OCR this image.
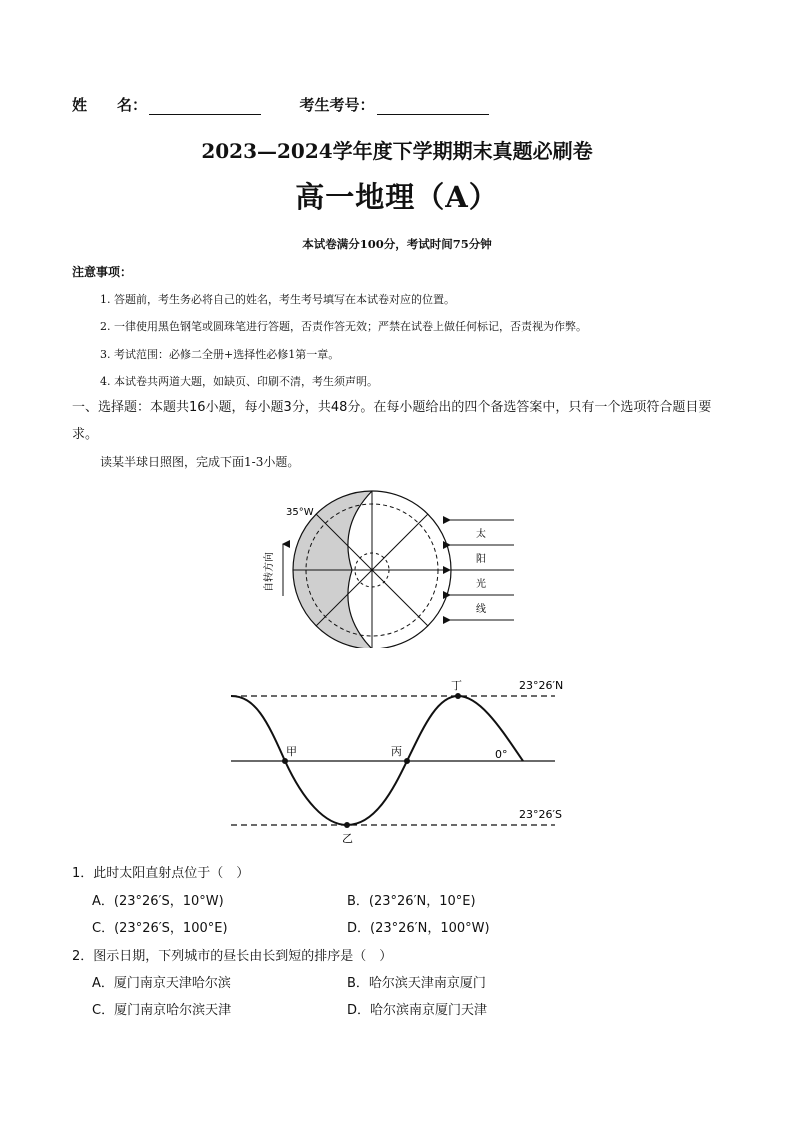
姓　　名：	考生考号：
2023—2024学年度下学期期末真题必刷卷
高一地理（A）
本试卷满分100分，考试时间75分钟
注意事项：
1. 答题前，考生务必将自己的姓名，考生考号填写在本试卷对应的位置。
2. 一律使用黑色钢笔或圆珠笔进行答题，否责作答无效；严禁在试卷上做任何标记，否责视为作弊。
3. 考试范围：必修二全册+选择性必修1第一章。
4. 本试卷共两道大题，如缺页、印刷不清，考生须声明。
一、选择题：本题共16小题，每小题3分，共48分。在每小题给出的四个备选答案中，只有一个选项符合题目要求。
读某半球日照图，完成下面1-3小题。
35°W
自转方向
太
阳
光
线
甲
乙
丙
丁	23°26′N
0°
23°26′S
1．此时太阳直射点位于（　）
A．(23°26′S，10°W)	B．(23°26′N，10°E)
C．(23°26′S，100°E)	D．(23°26′N，100°W)
2．图示日期，下列城市的昼长由长到短的排序是（　）
A．厦门南京天津哈尔滨	B．哈尔滨天津南京厦门
C．厦门南京哈尔滨天津	D．哈尔滨南京厦门天津
